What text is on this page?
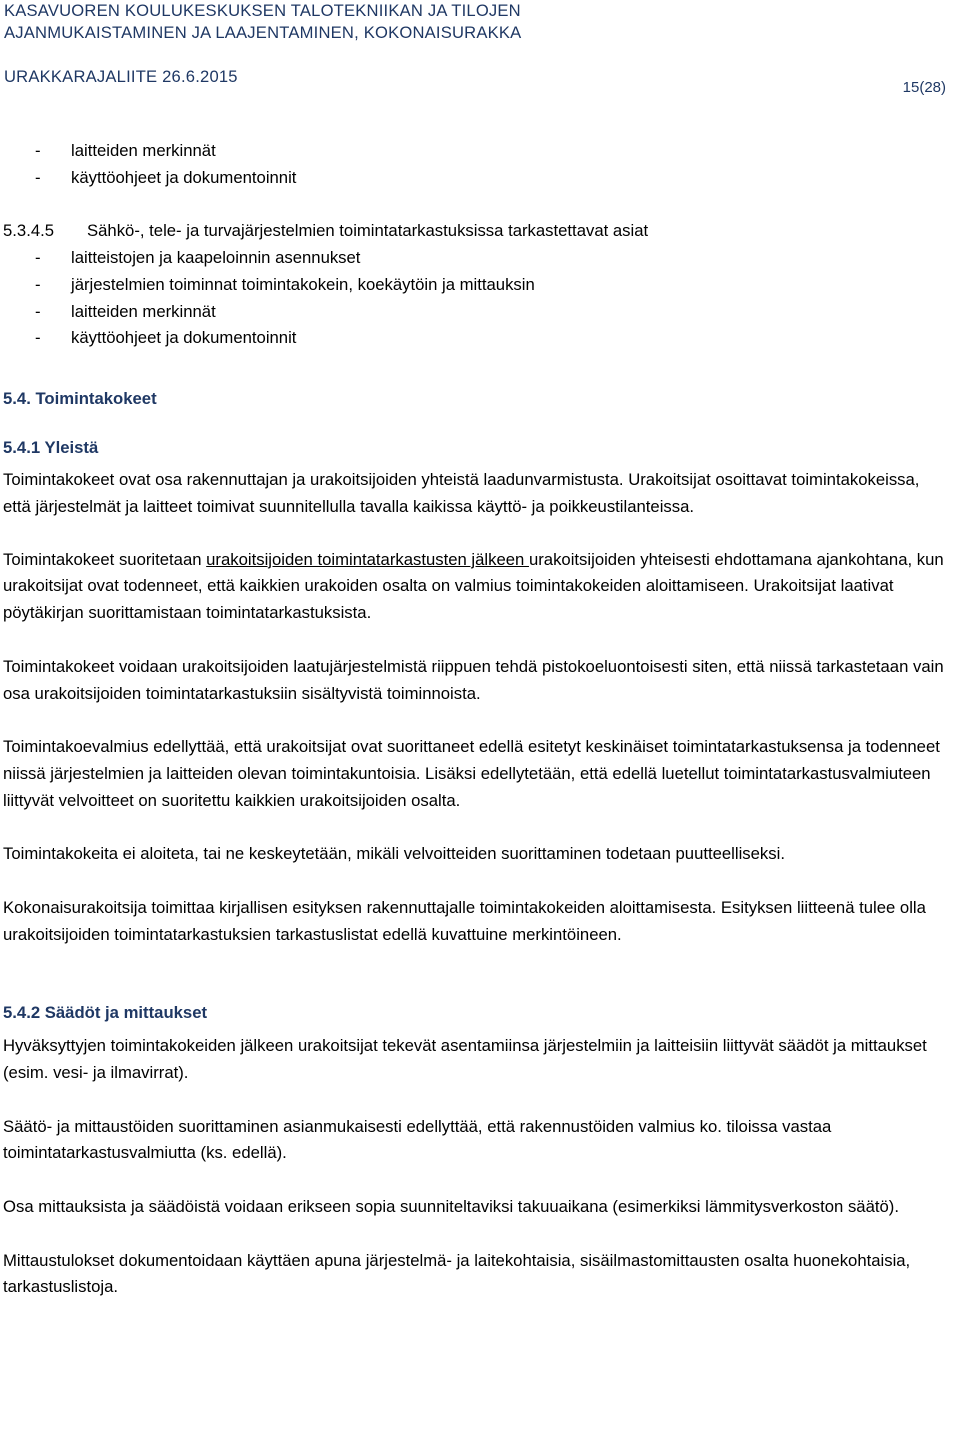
KASAVUOREN KOULUKESKUKSEN TALOTEKNIIKAN JA TILOJEN
AJANMUKAISTAMINEN JA LAAJENTAMINEN, KOKONAISURAKKA
URAKKARAJALIITE 26.6.2015
15(28)
- laitteiden merkinnät
- käyttöohjeet ja dokumentoinnit
5.3.4.5 Sähkö-, tele- ja turvajärjestelmien toimintatarkastuksissa tarkastettavat asiat
- laitteistojen ja kaapeloinnin asennukset
- järjestelmien toiminnat toimintakokein, koekäytöin ja mittauksin
- laitteiden merkinnät
- käyttöohjeet ja dokumentoinnit
5.4. Toimintakokeet
5.4.1 Yleistä

Toimintakokeet ovat osa rakennuttajan ja urakoitsijoiden yhteistä laadunvarmistusta. Urakoitsijat osoittavat toimintakokeissa, että järjestelmät ja laitteet toimivat suunnitellulla tavalla kaikissa käyttö- ja poikkeustilanteissa.

Toimintakokeet suoritetaan urakoitsijoiden toimintatarkastusten jälkeen urakoitsijoiden yhteisesti ehdottamana ajankohtana, kun urakoitsijat ovat todenneet, että kaikkien urakoiden osalta on valmius toimintakokeiden aloittamiseen. Urakoitsijat laativat pöytäkirjan suorittamistaan toimintatarkastuksista.

Toimintakokeet voidaan urakoitsijoiden laatujärjestelmistä riippuen tehdä pistokoeluontoisesti siten, että niissä tarkastetaan vain osa urakoitsijoiden toimintatarkastuksiin sisältyvistä toiminnoista.

Toimintakoevalmius edellyttää, että urakoitsijat ovat suorittaneet edellä esitetyt keskinäiset toimintatarkastuksensa ja todenneet niissä järjestelmien ja laitteiden olevan toimintakuntoisia. Lisäksi edellytetään, että edellä luetellut toimintatarkastusvalmiuteen liittyvät velvoitteet on suoritettu kaikkien urakoitsijoiden osalta.

Toimintakokeita ei aloiteta, tai ne keskeytetään, mikäli velvoitteiden suorittaminen todetaan puutteelliseksi.

Kokonaisurakoitsija toimittaa kirjallisen esityksen rakennuttajalle toimintakokeiden aloittamisesta. Esityksen liitteenä tulee olla urakoitsijoiden toimintatarkastuksien tarkastuslistat edellä kuvattuine merkintöineen.

5.4.2 Säädöt ja mittaukset

Hyväksyttyjen toimintakokeiden jälkeen urakoitsijat tekevät asentamiinsa järjestelmiin ja laitteisiin liittyvät säädöt ja mittaukset (esim. vesi- ja ilmavirrat).

Säätö- ja mittaustöiden suorittaminen asianmukaisesti edellyttää, että rakennustöiden valmius ko. tiloissa vastaa toimintatarkastusvalmiutta (ks. edellä).

Osa mittauksista ja säädöistä voidaan erikseen sopia suunniteltaviksi takuuaikana (esimerkiksi lämmitysverkoston säätö).

Mittaustulokset dokumentoidaan käyttäen apuna järjestelmä- ja laitekohtaisia, sisäilmastomittausten osalta huonekohtaisia, tarkastuslistoja.
